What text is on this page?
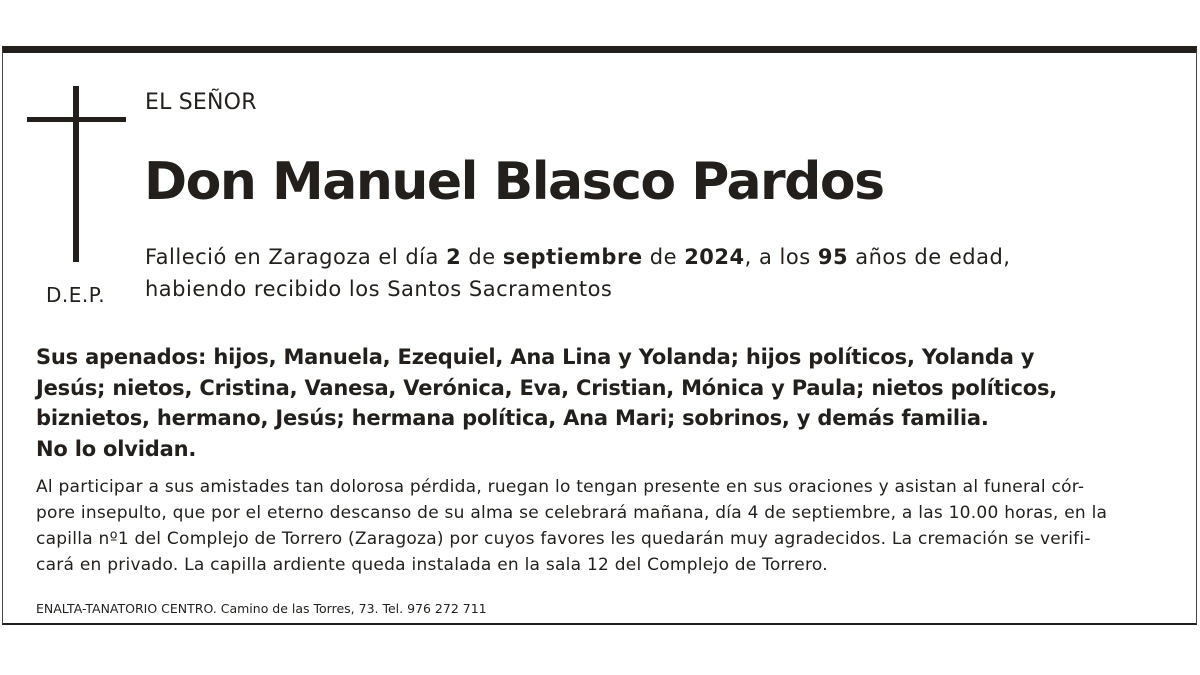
D.E.P.
EL SEÑOR
Don Manuel Blasco Pardos
Falleció en Zaragoza el día 2 de septiembre de 2024, a los 95 años de edad,
habiendo recibido los Santos Sacramentos
Sus apenados: hijos, Manuela, Ezequiel, Ana Lina y Yolanda; hijos políticos, Yolanda y
Jesús; nietos, Cristina, Vanesa, Verónica, Eva, Cristian, Mónica y Paula; nietos políticos,
biznietos, hermano, Jesús; hermana política, Ana Mari; sobrinos, y demás familia.
No lo olvidan.
Al participar a sus amistades tan dolorosa pérdida, ruegan lo tengan presente en sus oraciones y asistan al funeral cór-
pore insepulto, que por el eterno descanso de su alma se celebrará mañana, día 4 de septiembre, a las 10.00 horas, en la
capilla nº1 del Complejo de Torrero (Zaragoza) por cuyos favores les quedarán muy agradecidos. La cremación se verifi-
cará en privado. La capilla ardiente queda instalada en la sala 12 del Complejo de Torrero.
ENALTA-TANATORIO CENTRO. Camino de las Torres, 73. Tel. 976 272 711
